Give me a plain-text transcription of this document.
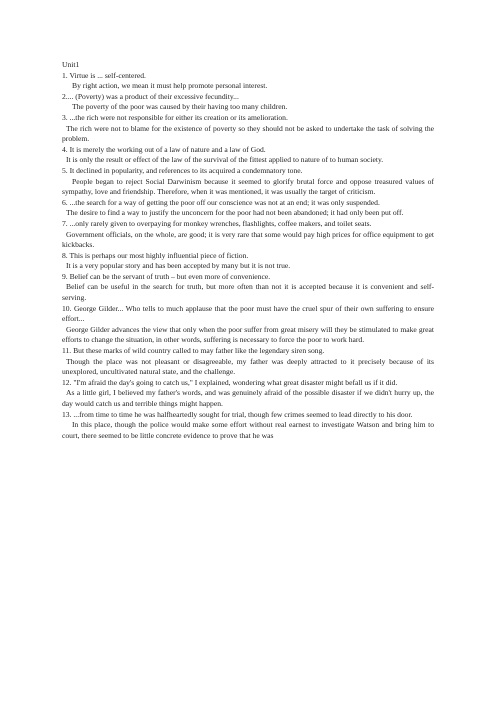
Unit1

1. Virtue is ... self-centered.

By right action, we mean it must help promote personal interest.

2.... (Poverty) was a product of their excessive fecundity...

The poverty of the poor was caused by their having too many children.

3. ...the rich were not responsible for either its creation or its amelioration.

The rich were not to blame for the existence of poverty so they should not be asked to undertake the task of solving the problem.

4. It is merely the working out of a law of nature and a law of God.

It is only the result or effect of the law of the survival of the fittest applied to nature of to human society.

5. It declined in popularity, and references to its acquired a condemnatory tone.

People began to reject Social Darwinism because it seemed to glorify brutal force and oppose treasured values of sympathy, love and friendship. Therefore, when it was mentioned, it was usually the target of criticism.

6. ...the search for a way of getting the poor off our conscience was not at an end; it was only suspended.

The desire to find a way to justify the unconcern for the poor had not been abandoned; it had only been put off.

7. ...only rarely given to overpaying for monkey wrenches, flashlights, coffee makers, and toilet seats.

Government officials, on the whole, are good; it is very rare that some would pay high prices for office equipment to get kickbacks.

8. This is perhaps our most highly influential piece of fiction.

It is a very popular story and has been accepted by many but it is not true.

9. Belief can be the servant of truth – but even more of convenience.

Belief can be useful in the search for truth, but more often than not it is accepted because it is convenient and self-serving.

10. George Gilder... Who tells to much applause that the poor must have the cruel spur of their own suffering to ensure effort...

George Gilder advances the view that only when the poor suffer from great misery will they be stimulated to make great efforts to change the situation, in other words, suffering is necessary to force the poor to work hard.

11. But these marks of wild country called to may father like the legendary siren song.

Though the place was not pleasant or disagreeable, my father was deeply attracted to it precisely because of its unexplored, uncultivated natural state, and the challenge.

12. "I'm afraid the day's going to catch us," I explained, wondering what great disaster might befall us if it did.

As a little girl, I believed my father's words, and was genuinely afraid of the possible disaster if we didn't hurry up, the day would catch us and terrible things might happen.

13. ...from time to time he was halfheartedly sought for trial, though few crimes seemed to lead directly to his door.

In this place, though the police would make some effort without real earnest to investigate Watson and bring him to court, there seemed to be little concrete evidence to prove that he was
